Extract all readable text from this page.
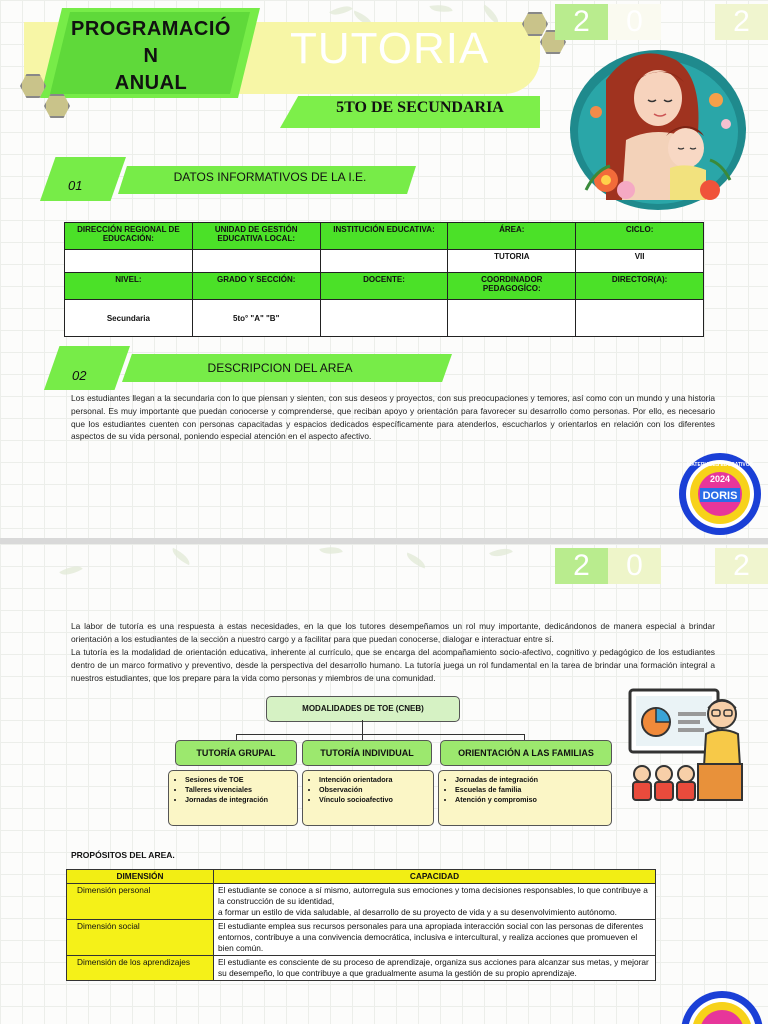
PROGRAMACIÓ
N
ANUAL
TUTORIA
5TO DE SECUNDARIA
2	0	2
01
DATOS INFORMATIVOS DE LA I.E.
DIRECCIÓN REGIONAL DE EDUCACIÓN:	UNIDAD DE GESTIÓN EDUCATIVA LOCAL:	INSTITUCIÓN EDUCATIVA:	ÁREA:	CICLO:
			TUTORIA	VII
NIVEL:	GRADO Y SECCIÓN:	DOCENTE:	COORDINADOR PEDAGOGÍCO:	DIRECTOR(A):
Secundaria	5to° "A" "B"			
02	DESCRIPCION DEL AREA
Los estudiantes llegan a la secundaria con lo que piensan y sienten, con sus deseos y proyectos, con sus preocupaciones y temores, así como con un mundo y una historia personal. Es muy importante que puedan conocerse y comprenderse, que reciban apoyo y orientación para favorecer su desarrollo como personas. Por ello, es necesario que los estudiantes cuenten con personas capacitadas y espacios dedicados específicamente para atenderlos, escucharlos y orientarlos en relación con los diferentes aspectos de su vida personal, poniendo especial atención en el aspecto afectivo.
DORIS
2024
MATERIALES EDUCATIVOS
2	0	2
La labor de tutoría es una respuesta a estas necesidades, en la que los tutores desempeñamos un rol muy importante, dedicándonos de manera especial a brindar orientación a los estudiantes de la sección a nuestro cargo y a facilitar para que puedan conocerse, dialogar e interactuar entre sí.
La tutoría es la modalidad de orientación educativa, inherente al currículo, que se encarga del acompañamiento socio-afectivo, cognitivo y pedagógico de los estudiantes dentro de un marco formativo y preventivo, desde la perspectiva del desarrollo humano. La tutoría juega un rol fundamental en la tarea de brindar una formación integral a nuestros estudiantes, que los prepare para la vida como personas y miembros de una comunidad.
MODALIDADES DE TOE (CNEB)
TUTORÍA GRUPAL	TUTORÍA INDIVIDUAL	ORIENTACIÓN A LAS FAMILIAS
• Sesiones de TOE
• Talleres vivenciales
• Jornadas de integración
• Intención orientadora
• Observación
• Vínculo socioafectivo
• Jornadas de integración
• Escuelas de familia
• Atención y compromiso
PROPÓSITOS DEL AREA.
DIMENSIÓN	CAPACIDAD
Dimensión personal	El estudiante se conoce a sí mismo, autorregula sus emociones y toma decisiones responsables, lo que contribuye a la construcción de su identidad,
a formar un estilo de vida saludable, al desarrollo de su proyecto de vida y a su desenvolvimiento autónomo.

Dimensión social	El estudiante emplea sus recursos personales para una apropiada interacción social con las personas de diferentes entornos, contribuye a una convivencia democrática, inclusiva e intercultural, y realiza acciones que promueven el bien común.

Dimensión de los aprendizajes	El estudiante es consciente de su proceso de aprendizaje, organiza sus acciones para alcanzar sus metas, y mejorar su desempeño, lo que contribuye a que gradualmente asuma la gestión de su propio aprendizaje.
